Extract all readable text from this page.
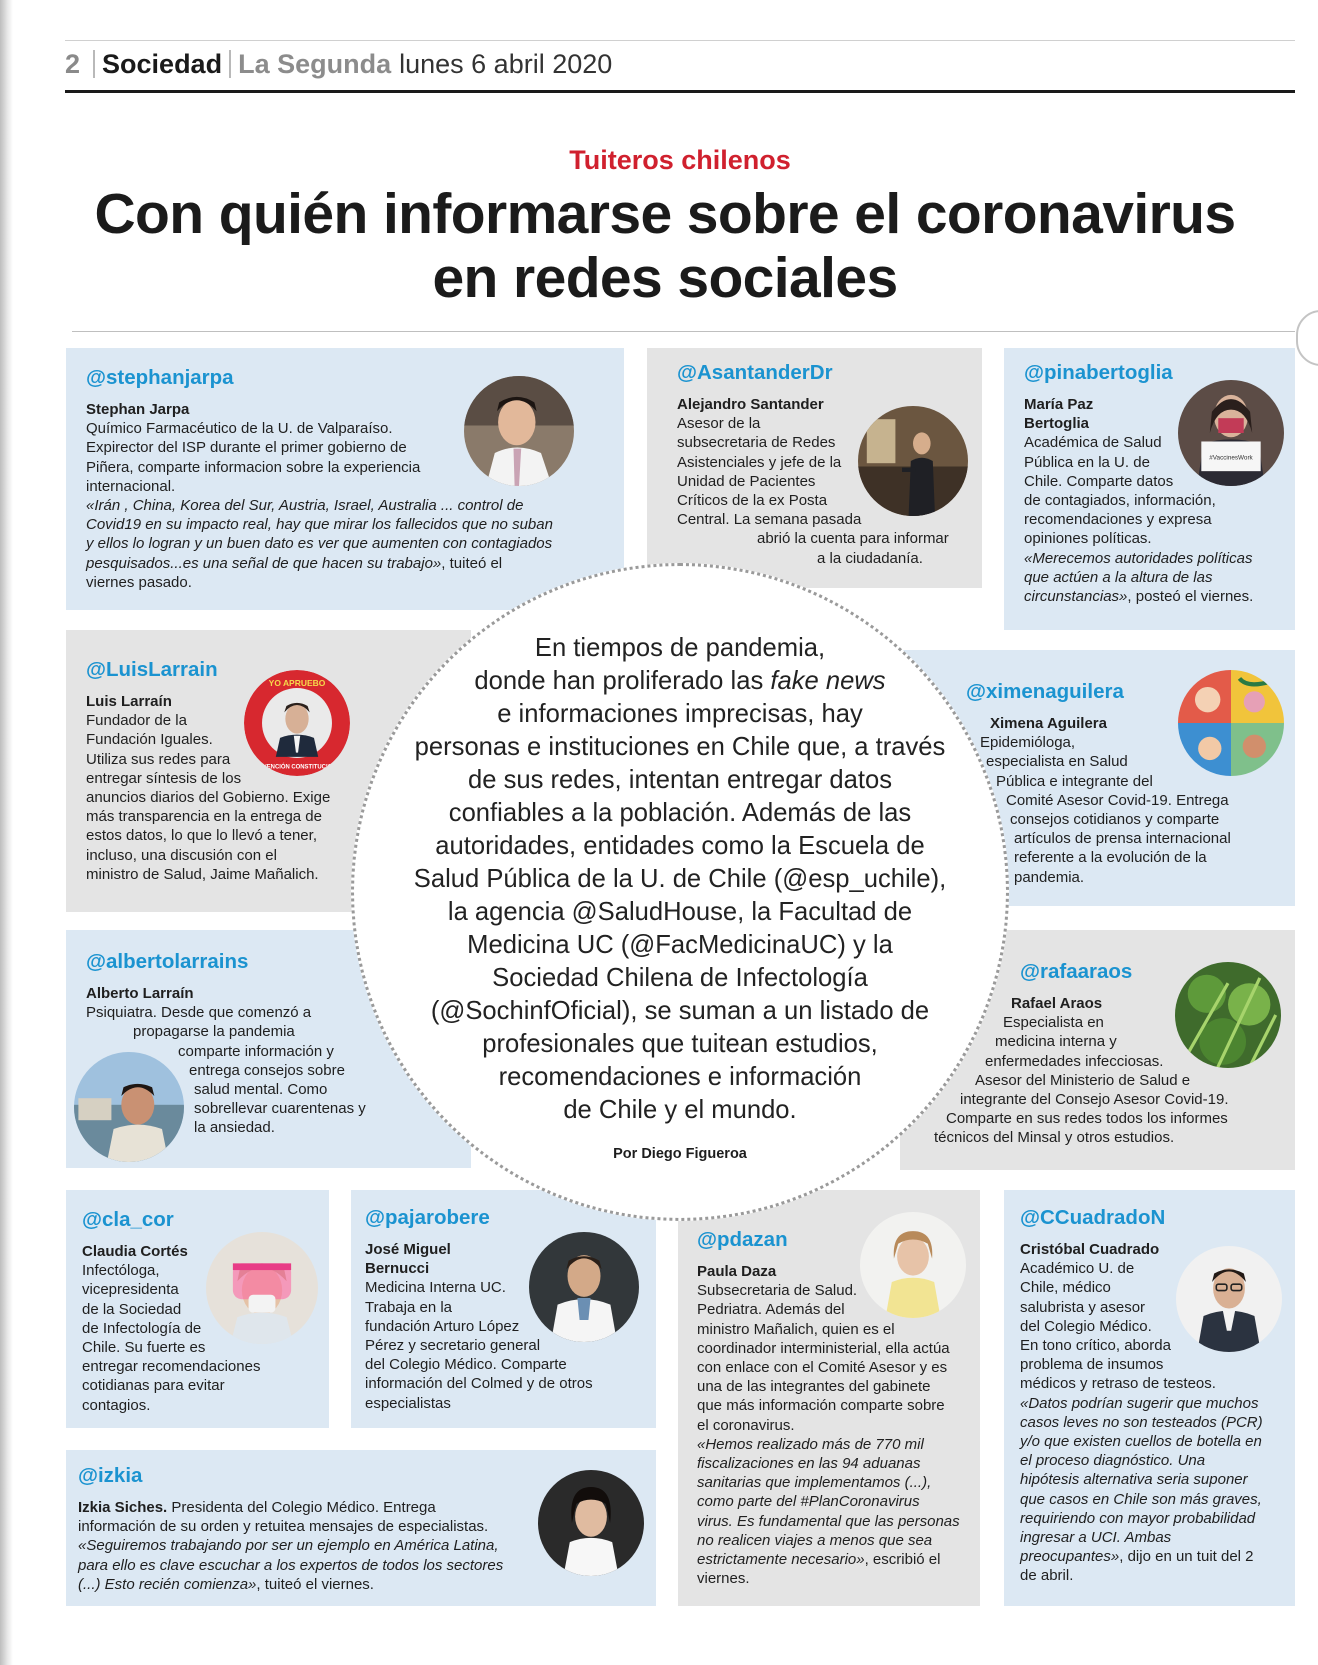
2 Sociedad La Segunda lunes 6 abril 2020
Tuiteros chilenos
Con quién informarse sobre el coronavirus
en redes sociales
@stephanjarpa
Stephan Jarpa
Químico Farmacéutico de la U. de Valparaíso.
Expirector del ISP durante el primer gobierno de
Piñera, comparte informacion sobre la experiencia
internacional.
«Irán , China, Korea del Sur, Austria, Israel, Australia ... control de
Covid19 en su impacto real, hay que mirar los fallecidos que no suban
y ellos lo logran y un buen dato es ver que aumenten con contagiados
pesquisados...es una señal de que hacen su trabajo», tuiteó el
viernes pasado.
@AsantanderDr
Alejandro Santander
Asesor de la
subsecretaria de Redes
Asistenciales y jefe de la
Unidad de Pacientes
Críticos de la ex Posta
Central. La semana pasada
abrió la cuenta para informar
a la ciudadanía.
@pinabertoglia
María Paz
Bertoglia
Académica de Salud
Pública en la U. de
Chile. Comparte datos
de contagiados, información,
recomendaciones y expresa
opiniones políticas.
«Merecemos autoridades políticas
que actúen a la altura de las
circunstancias», posteó el viernes.
#VaccinesWork
@LuisLarrain
Luis Larraín
Fundador de la
Fundación Iguales.
Utiliza sus redes para
entregar síntesis de los
anuncios diarios del Gobierno. Exige
más transparencia en la entrega de
estos datos, lo que lo llevó a tener,
incluso, una discusión con el
ministro de Salud, Jaime Mañalich.
YO APRUEBO
CONVENCIÓN CONSTITUCIONAL
@ximenaguilera
Ximena Aguilera
Epidemióloga,
especialista en Salud
Pública e integrante del
Comité Asesor Covid-19. Entrega
consejos cotidianos y comparte
artículos de prensa internacional
referente a la evolución de la
pandemia.
@albertolarrains
Alberto Larraín
Psiquiatra. Desde que comenzó a
propagarse la pandemia
comparte información y
entrega consejos sobre
salud mental. Como
sobrellevar cuarentenas y
la ansiedad.
@rafaaraos
Rafael Araos
Especialista en
medicina interna y
enfermedades infecciosas.
Asesor del Ministerio de Salud e
integrante del Consejo Asesor Covid-19.
Comparte en sus redes todos los informes
técnicos del Minsal y otros estudios.
@cla_cor
Claudia Cortés
Infectóloga,
vicepresidenta
de la Sociedad
de Infectología de
Chile. Su fuerte es
entregar recomendaciones
cotidianas para evitar
contagios.
@pajarobere
José Miguel
Bernucci
Medicina Interna UC.
Trabaja en la
fundación Arturo López
Pérez y secretario general
del Colegio Médico. Comparte
información del Colmed y de otros
especialistas
@pdazan
Paula Daza
Subsecretaria de Salud.
Pedriatra. Además del
ministro Mañalich, quien es el
coordinador interministerial, ella actúa
con enlace con el Comité Asesor y es
una de las integrantes del gabinete
que más información comparte sobre
el coronavirus.
«Hemos realizado más de 770 mil
fiscalizaciones en las 94 aduanas
sanitarias que implementamos (...),
como parte del #PlanCoronavirus
virus. Es fundamental que las personas
no realicen viajes a menos que sea
estrictamente necesario», escribió el
viernes.
@CCuadradoN
Cristóbal Cuadrado
Académico U. de
Chile, médico
salubrista y asesor
del Colegio Médico.
En tono crítico, aborda
problema de insumos
médicos y retraso de testeos.
«Datos podrían sugerir que muchos
casos leves no son testeados (PCR)
y/o que existen cuellos de botella en
el proceso diagnóstico. Una
hipótesis alternativa seria suponer
que casos en Chile son más graves,
requiriendo con mayor probabilidad
ingresar a UCI. Ambas
preocupantes», dijo en un tuit del 2
de abril.
@izkia
Izkia Siches. Presidenta del Colegio Médico. Entrega
información de su orden y retuitea mensajes de especialistas.
«Seguiremos trabajando por ser un ejemplo en América Latina,
para ello es clave escuchar a los expertos de todos los sectores
(...) Esto recién comienza», tuiteó el viernes.
En tiempos de pandemia,
donde han proliferado las fake news
e informaciones imprecisas, hay
personas e instituciones en Chile que, a través
de sus redes, intentan entregar datos
confiables a la población. Además de las
autoridades, entidades como la Escuela de
Salud Pública de la U. de Chile (@esp_uchile),
la agencia @SaludHouse, la Facultad de
Medicina UC (@FacMedicinaUC) y la
Sociedad Chilena de Infectología
(@SochinfOficial), se suman a un listado de
profesionales que tuitean estudios,
recomendaciones e información
de Chile y el mundo.
Por Diego Figueroa
